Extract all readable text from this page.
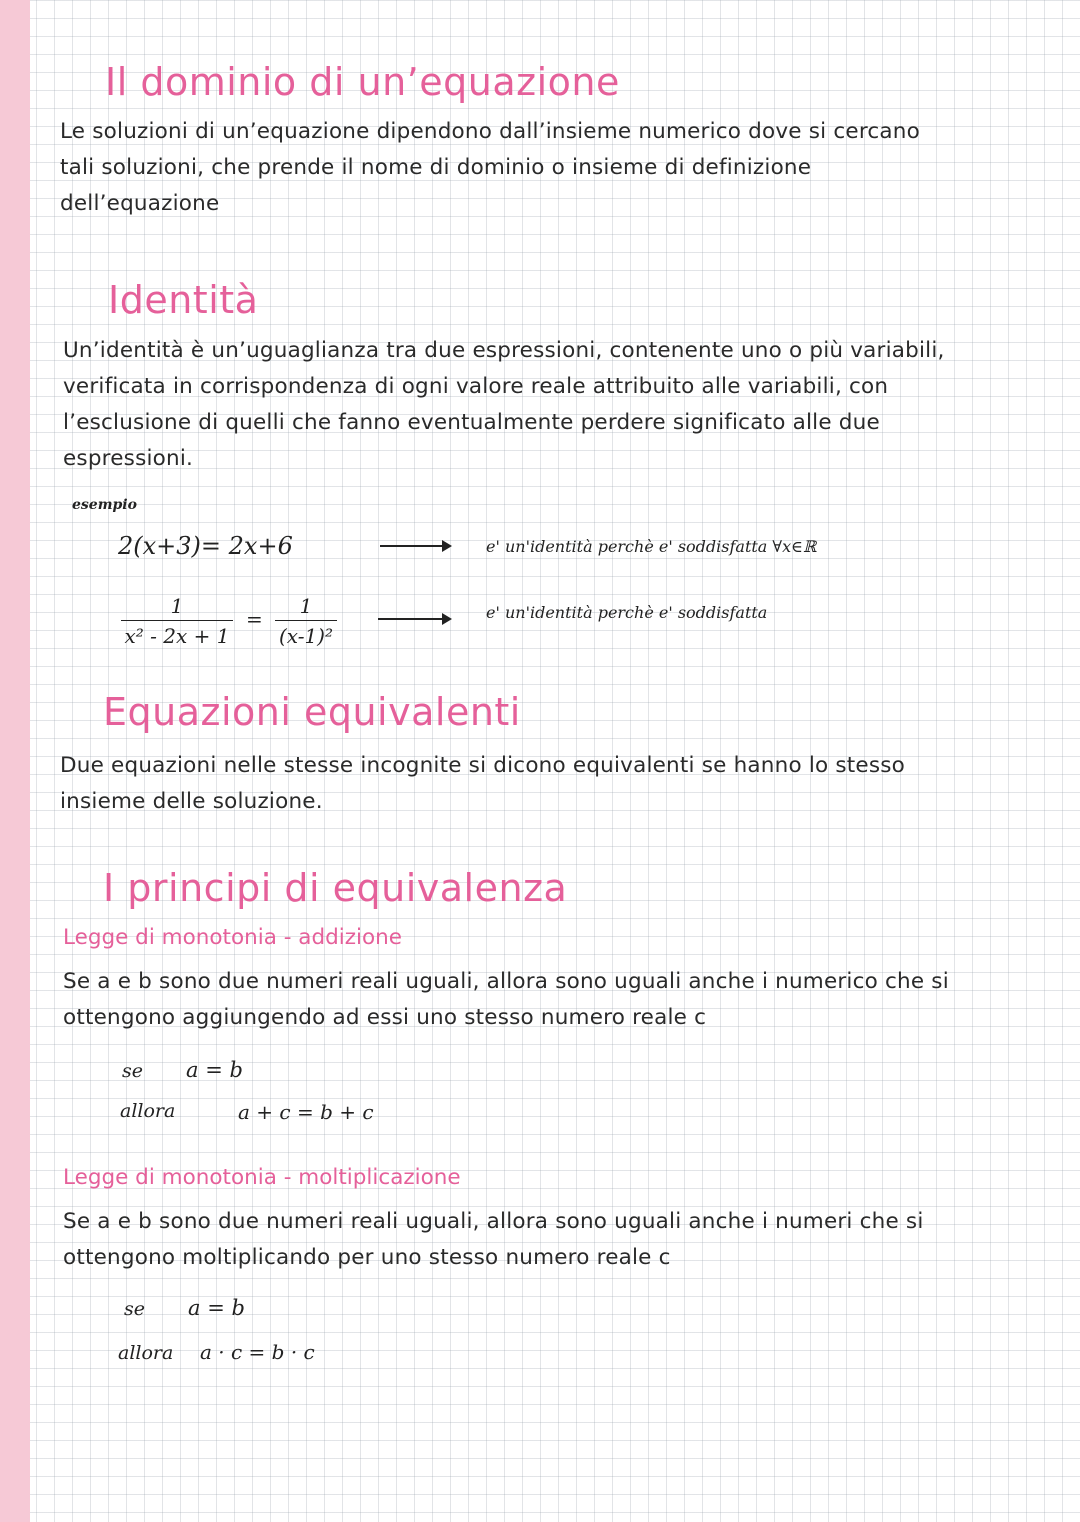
Il dominio di un’equazione

Le soluzioni di un’equazione dipendono dall’insieme numerico dove si cercano tali soluzioni, che prende il nome di dominio o insieme di definizione dell’equazione

Identità

Un’identità è un’uguaglianza tra due espressioni, contenente uno o più variabili, verificata in corrispondenza di ogni valore reale attribuito alle variabili, con l’esclusione di quelli che fanno eventualmente perdere significato alle due espressioni.

esempio

2(x+3)= 2x+6	e' un'identità perchè e' soddisfatta ∀x∈ℝ

$\frac{1}{\text{x² - 2x + 1}} = \frac{1}{\text{(x-1)²}}$	e' un'identità perchè e' soddisfatta

Equazioni equivalenti

Due equazioni nelle stesse incognite si dicono equivalenti se hanno lo stesso insieme delle soluzione.

I principi di equivalenza

Legge di monotonia - addizione

Se a e b sono due numeri reali uguali, allora sono uguali anche i numerico che si ottengono aggiungendo ad essi uno stesso numero reale c

se a = b

allora	a + c = b + c

Legge di monotonia - moltiplicazione

Se a e b sono due numeri reali uguali, allora sono uguali anche i numeri che si ottengono moltiplicando per uno stesso numero reale c

se a = b

allora a · c = b · c
